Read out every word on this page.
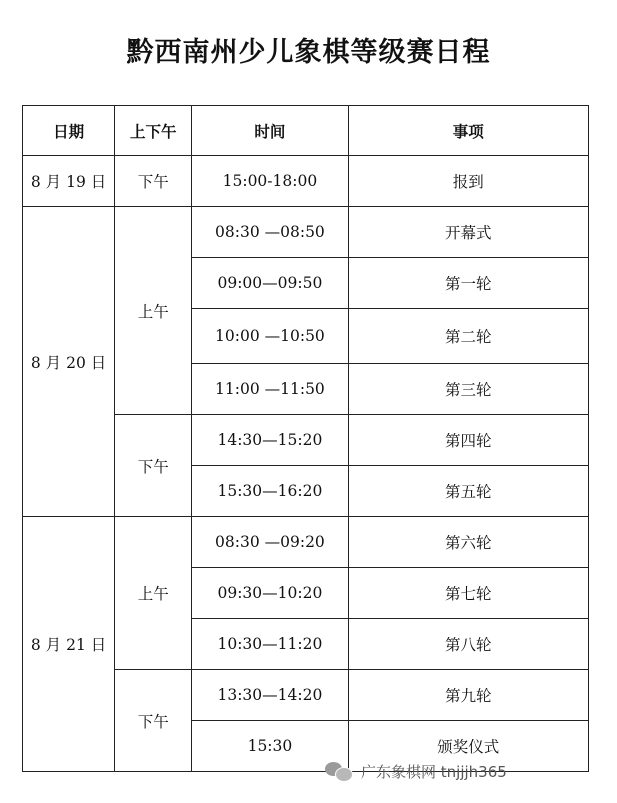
黔西南州少儿象棋等级赛日程
日期	上下午	时间	事项
8 月 19 日	下午	15:00-18:00	报到
8 月 20 日	上午	08:30 —08:50	开幕式
		09:00—09:50	第一轮
		10:00 —10:50	第二轮
		11:00 —11:50	第三轮
	下午	14:30—15:20	第四轮
		15:30—16:20	第五轮
8 月 21 日	上午	08:30 —09:20	第六轮
		09:30—10:20	第七轮
		10:30—11:20	第八轮
	下午	13:30—14:20	第九轮
		15:30	颁奖仪式
广东象棋网 tnjjjh365
